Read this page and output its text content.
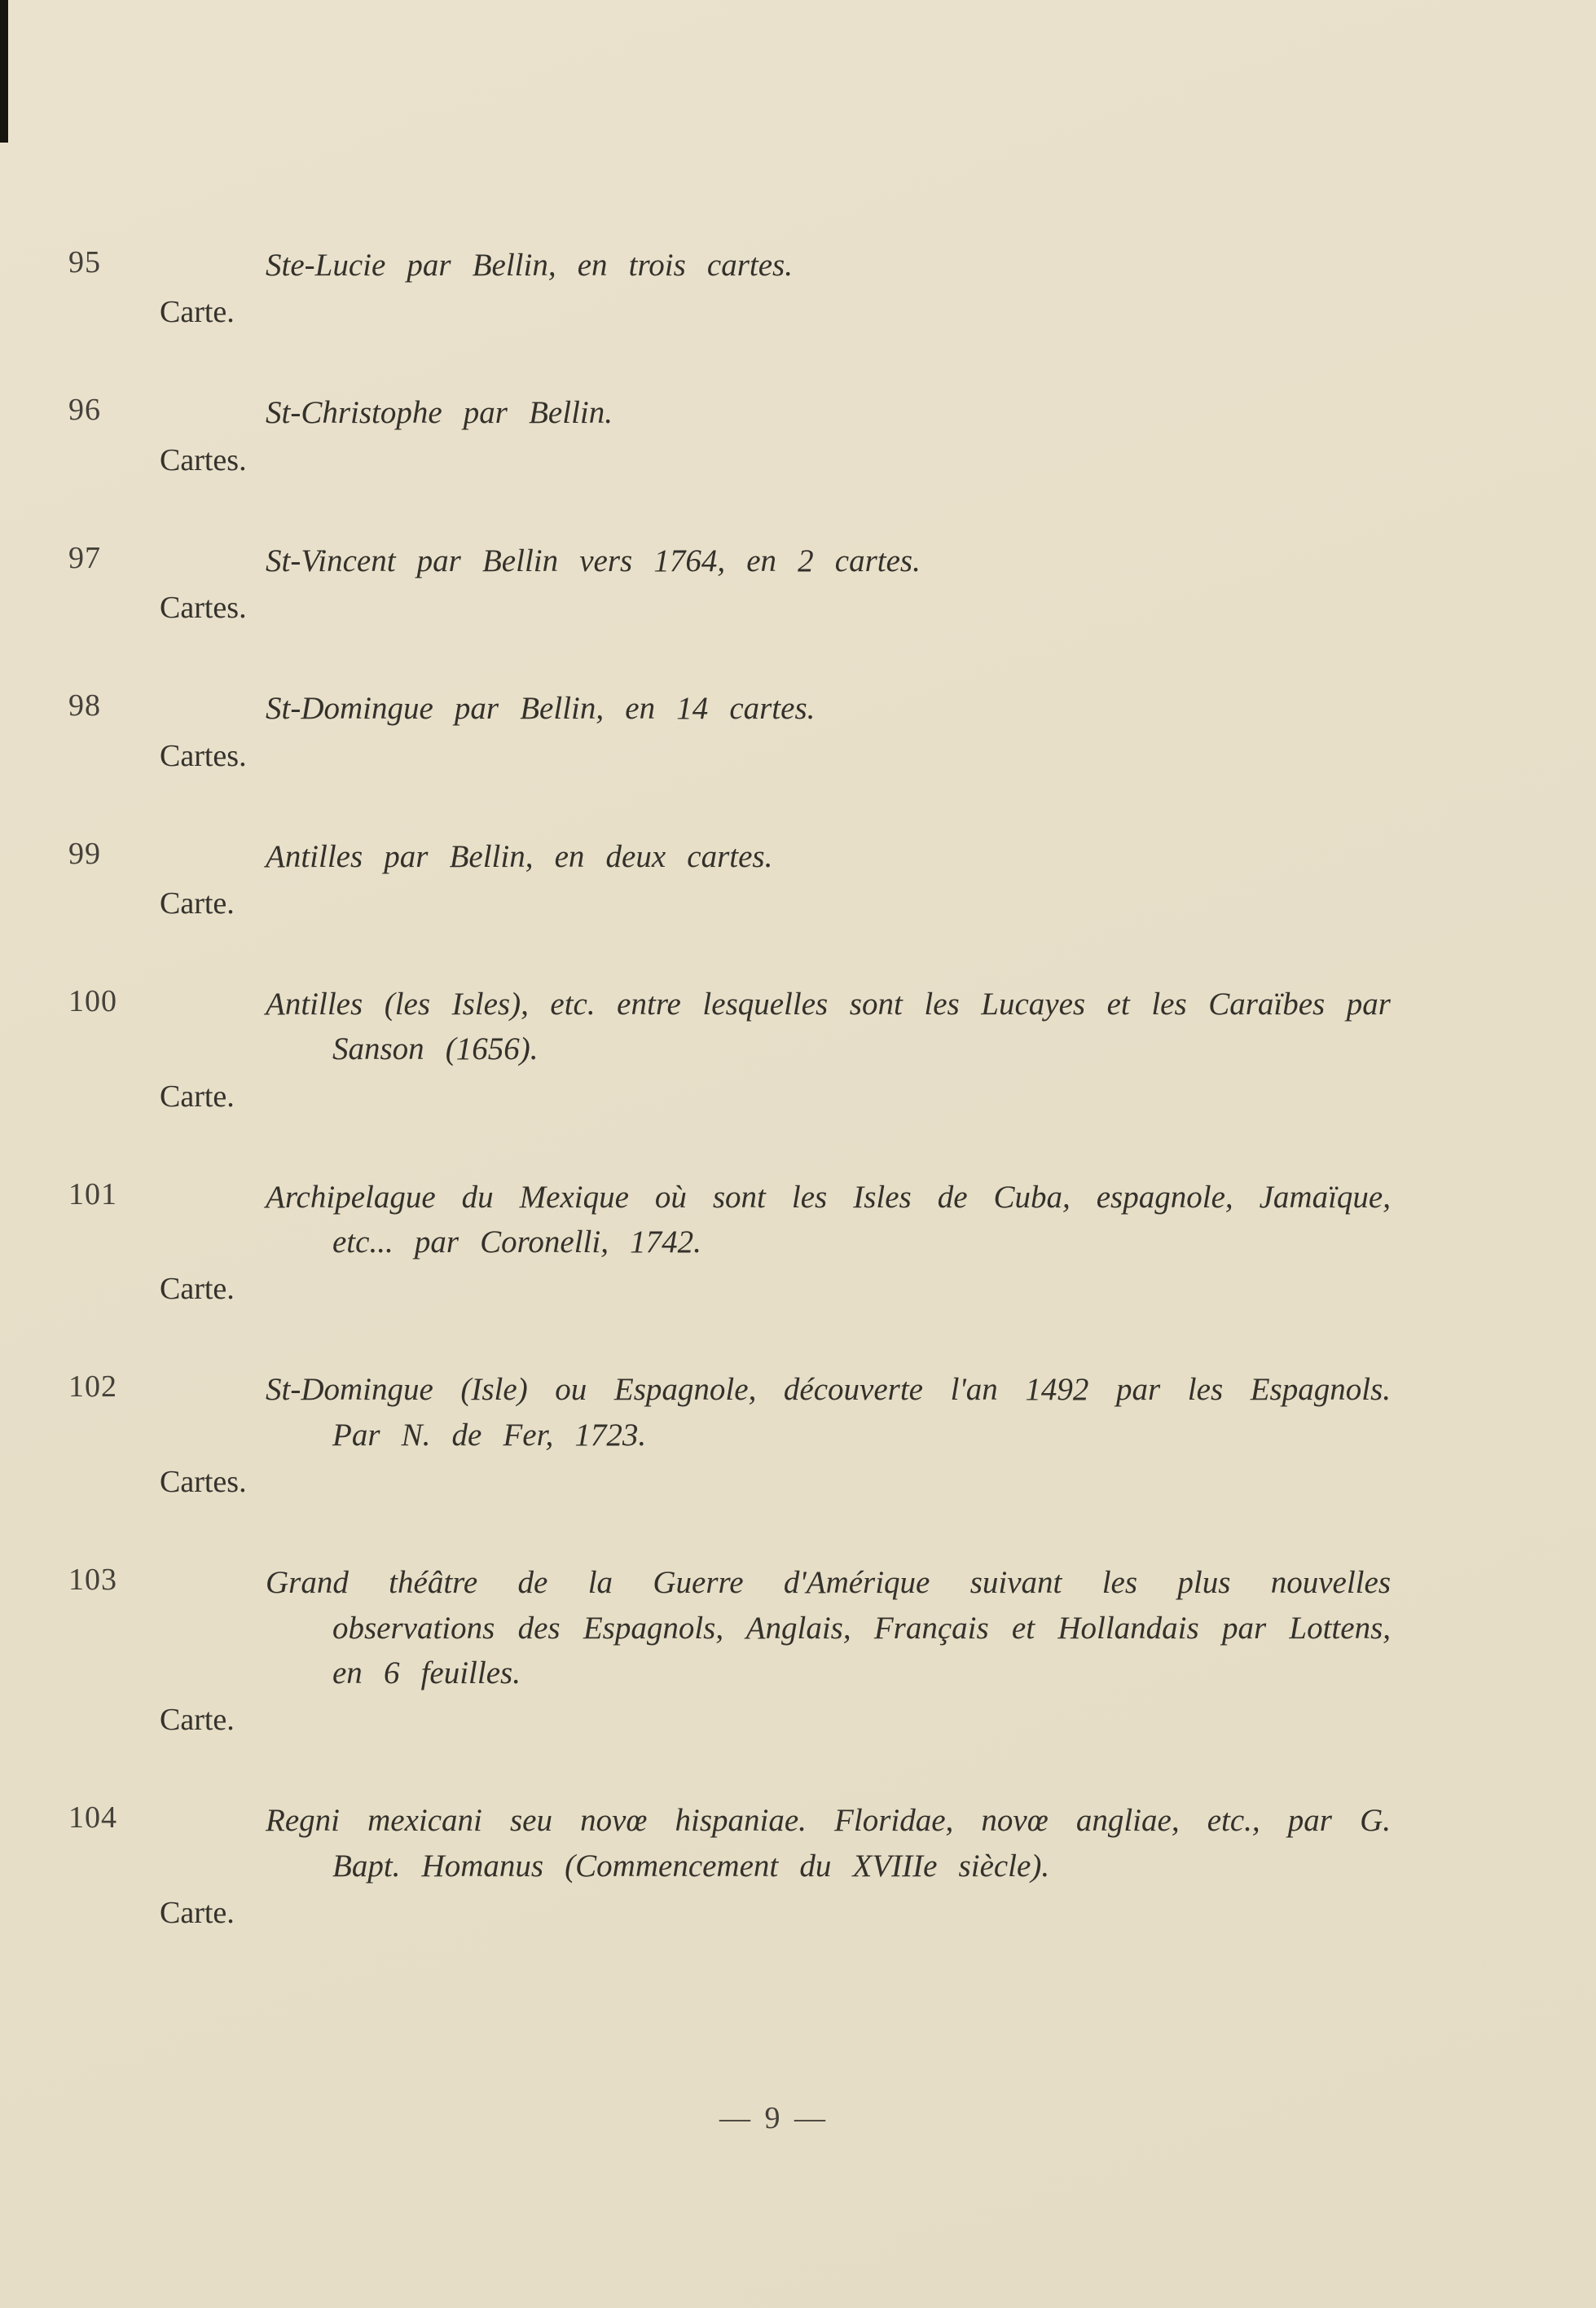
95	Ste-Lucie par Bellin, en trois cartes.
Carte.
96	St-Christophe par Bellin.
Cartes.
97	St-Vincent par Bellin vers 1764, en 2 cartes.
Cartes.
98	St-Domingue par Bellin, en 14 cartes.
Cartes.
99	Antilles par Bellin, en deux cartes.
Carte.
100	Antilles (les Isles), etc. entre lesquelles sont les Lucayes et les Caraïbes par Sanson (1656).
Carte.
101	Archipelague du Mexique où sont les Isles de Cuba, espagnole, Jamaïque, etc... par Coronelli, 1742.
Carte.
102	St-Domingue (Isle) ou Espagnole, découverte l'an 1492 par les Espagnols. Par N. de Fer, 1723.
Cartes.
103	Grand théâtre de la Guerre d'Amérique suivant les plus nouvelles observations des Espagnols, Anglais, Français et Hollandais par Lottens, en 6 feuilles.
Carte.
104	Regni mexicani seu novœ hispaniae. Floridae, novœ angliae, etc., par G. Bapt. Homanus (Commencement du XVIIIe siècle).
Carte.
— 9 —
